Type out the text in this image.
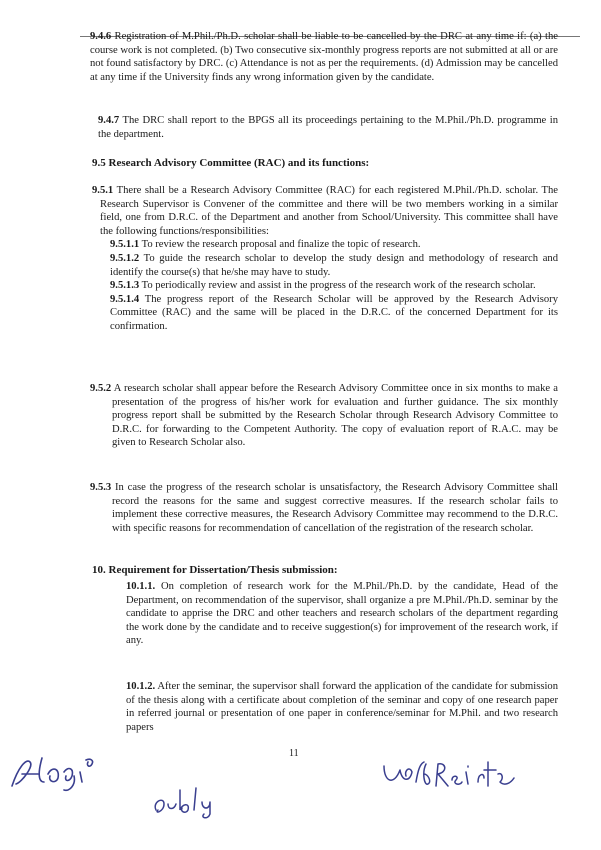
9.4.6 Registration of M.Phil./Ph.D. scholar shall be liable to be cancelled by the DRC at any time if: (a) the course work is not completed. (b) Two consecutive six-monthly progress reports are not submitted at all or are not found satisfactory by DRC. (c) Attendance is not as per the requirements. (d) Admission may be cancelled at any time if the University finds any wrong information given by the candidate.

9.4.7 The DRC shall report to the BPGS all its proceedings pertaining to the M.Phil./Ph.D. programme in the department.

9.5 Research Advisory Committee (RAC) and its functions:

9.5.1 There shall be a Research Advisory Committee (RAC) for each registered M.Phil./Ph.D. scholar. The Research Supervisor is Convener of the committee and there will be two members working in a similar field, one from D.R.C. of the Department and another from School/University. This committee shall have the following functions/responsibilities:

9.5.1.1 To review the research proposal and finalize the topic of research.

9.5.1.2 To guide the research scholar to develop the study design and methodology of research and identify the course(s) that he/she may have to study.

9.5.1.3 To periodically review and assist in the progress of the research work of the research scholar.

9.5.1.4 The progress report of the Research Scholar will be approved by the Research Advisory Committee (RAC) and the same will be placed in the D.R.C. of the concerned Department for its confirmation.

9.5.2 A research scholar shall appear before the Research Advisory Committee once in six months to make a presentation of the progress of his/her work for evaluation and further guidance. The six monthly progress report shall be submitted by the Research Scholar through Research Advisory Committee to D.R.C. for forwarding to the Competent Authority. The copy of evaluation report of R.A.C. may be given to Research Scholar also.

9.5.3 In case the progress of the research scholar is unsatisfactory, the Research Advisory Committee shall record the reasons for the same and suggest corrective measures. If the research scholar fails to implement these corrective measures, the Research Advisory Committee may recommend to the D.R.C. with specific reasons for recommendation of cancellation of the registration of the research scholar.

10. Requirement for Dissertation/Thesis submission:

10.1.1. On completion of research work for the M.Phil./Ph.D. by the candidate, Head of the Department, on recommendation of the supervisor, shall organize a pre M.Phil./Ph.D. seminar by the candidate to apprise the DRC and other teachers and research scholars of the department regarding the work done by the candidate and to receive suggestion(s) for improvement of the research work, if any.

10.1.2. After the seminar, the supervisor shall forward the application of the candidate for submission of the thesis along with a certificate about completion of the seminar and copy of one research paper in referred journal or presentation of one paper in conference/seminar for M.Phil. and two research papers

11
